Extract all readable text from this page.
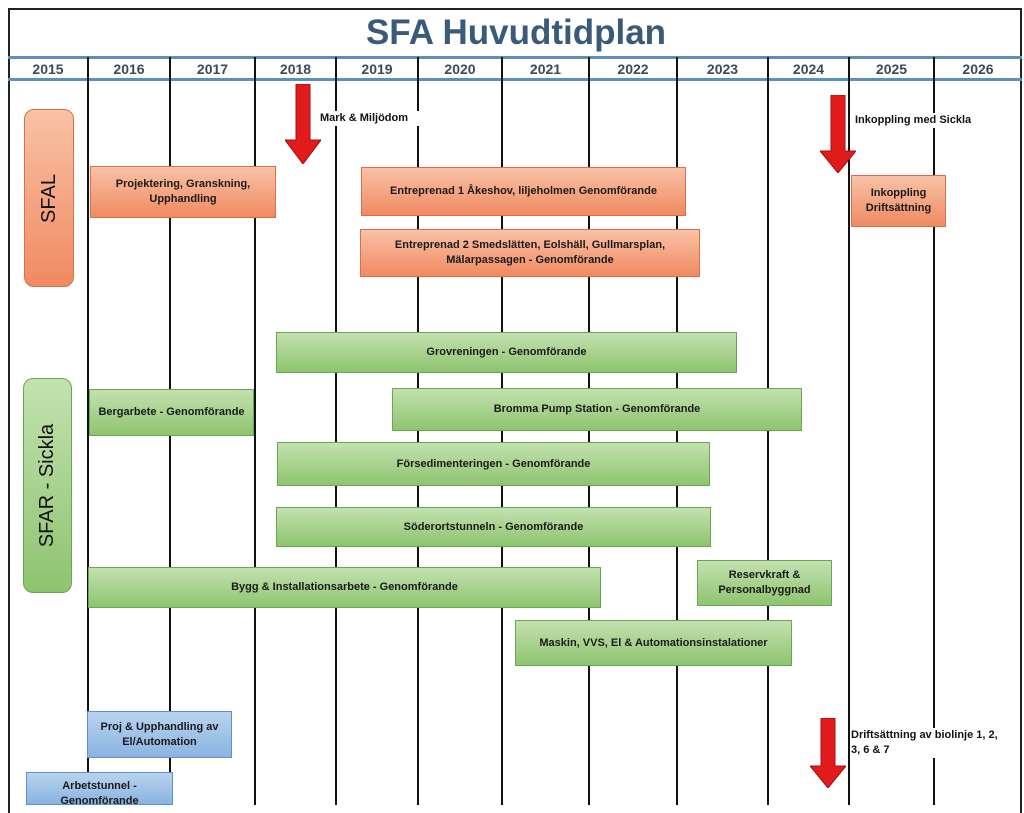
SFA Huvudtidplan
2015	2016	2017	2018	2019	2020	2021	2022	2023	2024	2025	2026
SFAL
SFAR - Sickla
Mark & Miljödom	Inkoppling med Sickla
Driftsättning av biolinje 1, 2, 3, 6 & 7
Projektering, Granskning, Upphandling
Entreprenad 1 Åkeshov, liljeholmen Genomförande
Entreprenad 2 Smedslätten, Eolshäll, Gullmarsplan, Mälarpassagen - Genomförande
Inkoppling Driftsättning
Grovreningen - Genomförande
Bergarbete - Genomförande	Bromma Pump Station - Genomförande
Försedimenteringen - Genomförande
Söderortstunneln - Genomförande
Bygg & Installationsarbete - Genomförande
Reservkraft & Personalbyggnad
Maskin, VVS, El & Automationsinstalationer
Proj & Upphandling av El/Automation
Arbetstunnel - Genomförande
